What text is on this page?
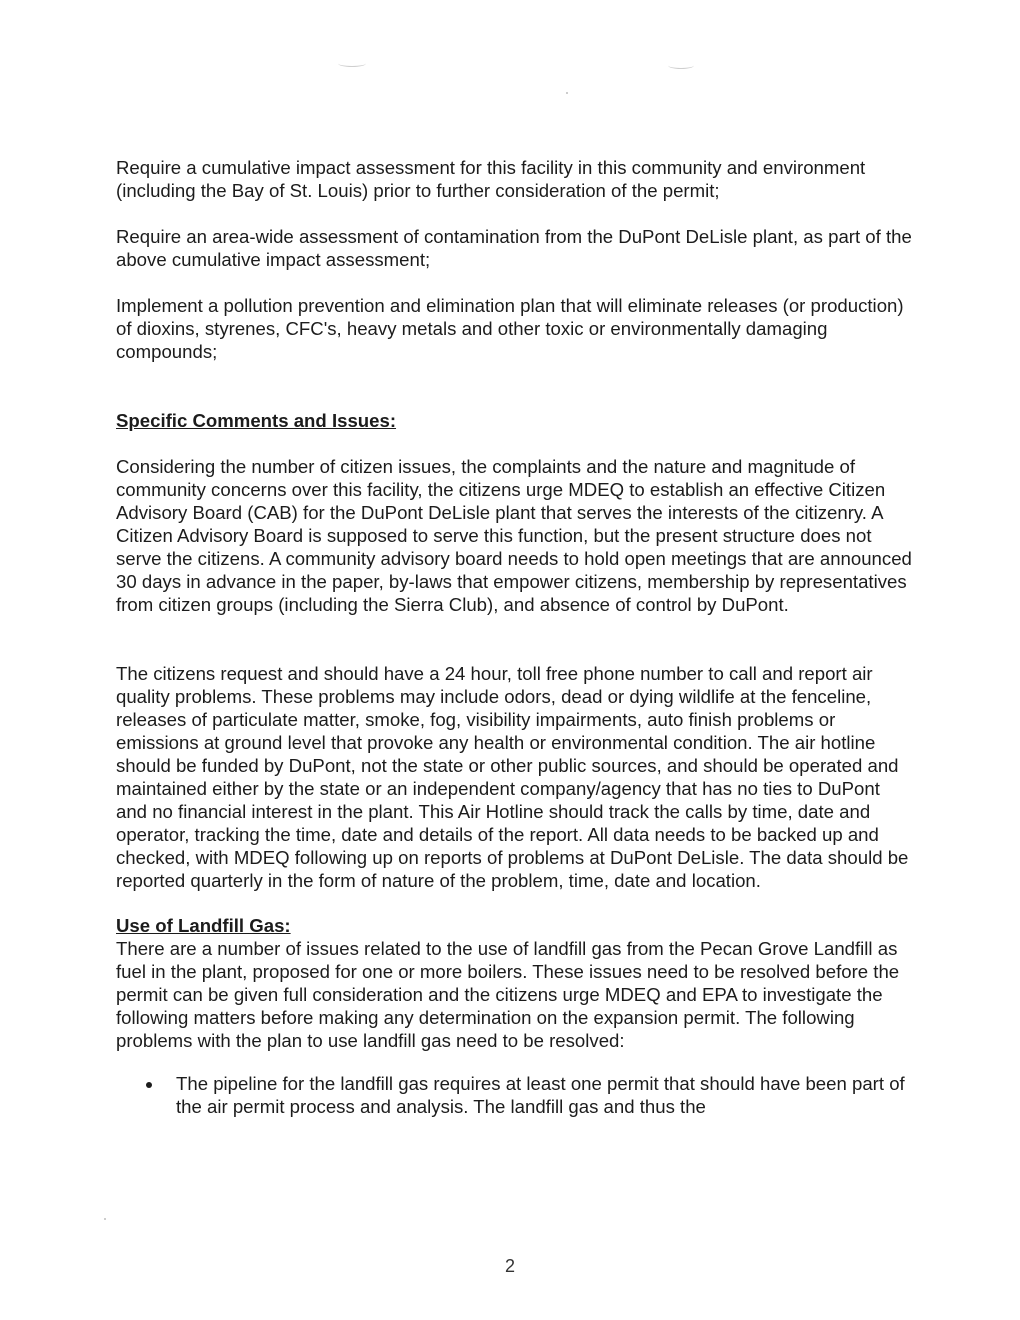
Require a cumulative impact assessment for this facility in this community and environment (including the Bay of St. Louis) prior to further consideration of the permit;

Require an area-wide assessment of contamination from the DuPont DeLisle plant, as part of the above cumulative impact assessment;

Implement a pollution prevention and elimination plan that will eliminate releases (or production) of dioxins, styrenes, CFC's, heavy metals and other toxic or environmentally damaging compounds;

Specific Comments and Issues:

Considering the number of citizen issues, the complaints and the nature and magnitude of community concerns over this facility, the citizens urge MDEQ to establish an effective Citizen Advisory Board (CAB) for the DuPont DeLisle plant that serves the interests of the citizenry. A Citizen Advisory Board is supposed to serve this function, but the present structure does not serve the citizens. A community advisory board needs to hold open meetings that are announced 30 days in advance in the paper, by-laws that empower citizens, membership by representatives from citizen groups (including the Sierra Club), and absence of control by DuPont.

The citizens request and should have a 24 hour, toll free phone number to call and report air quality problems. These problems may include odors, dead or dying wildlife at the fenceline, releases of particulate matter, smoke, fog, visibility impairments, auto finish problems or emissions at ground level that provoke any health or environmental condition. The air hotline should be funded by DuPont, not the state or other public sources, and should be operated and maintained either by the state or an independent company/agency that has no ties to DuPont and no financial interest in the plant. This Air Hotline should track the calls by time, date and operator, tracking the time, date and details of the report. All data needs to be backed up and checked, with MDEQ following up on reports of problems at DuPont DeLisle. The data should be reported quarterly in the form of nature of the problem, time, date and location.

Use of Landfill Gas:

There are a number of issues related to the use of landfill gas from the Pecan Grove Landfill as fuel in the plant, proposed for one or more boilers. These issues need to be resolved before the permit can be given full consideration and the citizens urge MDEQ and EPA to investigate the following matters before making any determination on the expansion permit. The following problems with the plan to use landfill gas need to be resolved:

The pipeline for the landfill gas requires at least one permit that should have been part of the air permit process and analysis. The landfill gas and thus the
2
